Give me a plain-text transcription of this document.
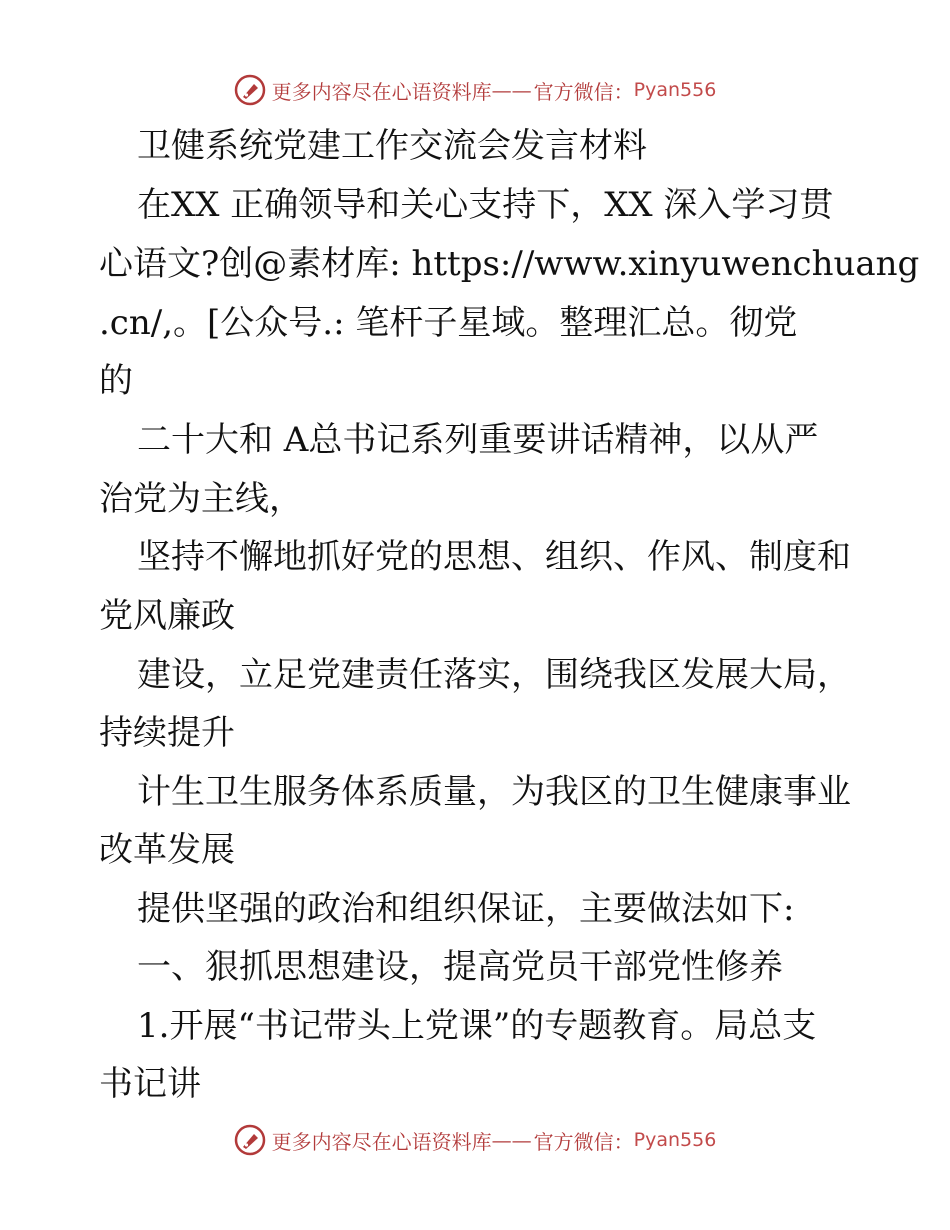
更多内容尽在心语资料库 —— 官方微信： Pyan556
卫健系统党建工作交流会发言材料
在XX 正确领导和关心支持下，XX 深入学习贯
心语文?创@素材库: https://www.xinyuwenchuang
.cn/,。[公众号.: 笔杆子星域。整理汇总。彻党
的
二十大和 A总书记系列重要讲话精神，以从严
治党为主线，
坚持不懈地抓好党的思想、组织、作风、制度和
党风廉政
建设，立足党建责任落实，围绕我区发展大局，
持续提升
计生卫生服务体系质量，为我区的卫生健康事业
改革发展
提供坚强的政治和组织保证，主要做法如下:
一、狠抓思想建设，提高党员干部党性修养
1.开展“书记带头上党课”的专题教育。局总支
书记讲
更多内容尽在心语资料库 —— 官方微信： Pyan556
